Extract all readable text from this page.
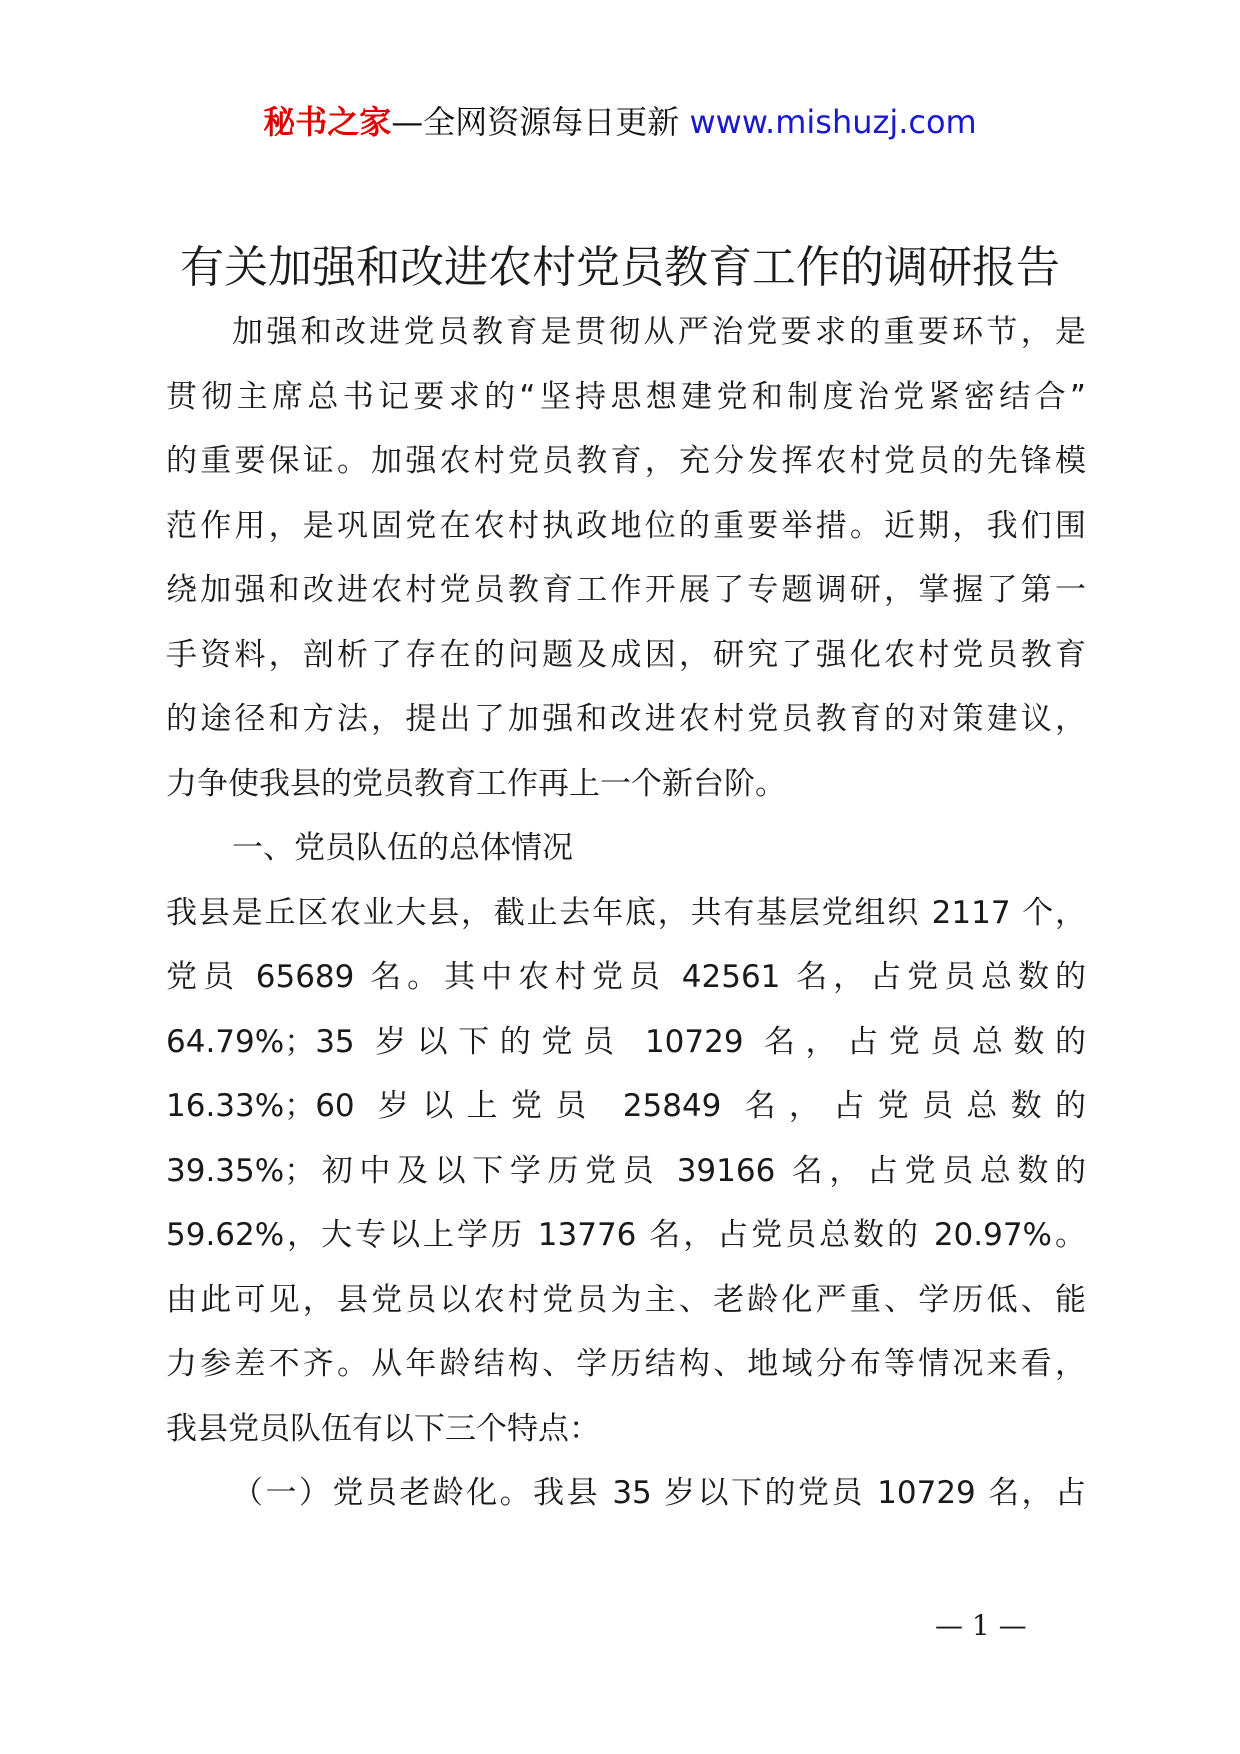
秘书之家—全网资源每日更新 www.mishuzj.com
有关加强和改进农村党员教育工作的调研报告
加强和改进党员教育是贯彻从严治党要求的重要环节，是
贯彻主席总书记要求的“坚持思想建党和制度治党紧密结合”
的重要保证。加强农村党员教育，充分发挥农村党员的先锋模
范作用，是巩固党在农村执政地位的重要举措。近期，我们围
绕加强和改进农村党员教育工作开展了专题调研，掌握了第一
手资料，剖析了存在的问题及成因，研究了强化农村党员教育
的途径和方法，提出了加强和改进农村党员教育的对策建议，
力争使我县的党员教育工作再上一个新台阶。
一、党员队伍的总体情况
我县是丘区农业大县，截止去年底，共有基层党组织 2117 个，
党员 65689 名。其中农村党员 42561 名，占党员总数的
64.79%；35 岁以下的党员 10729 名，占党员总数的
16.33%；60 岁以上党员 25849 名，占党员总数的
39.35%；初中及以下学历党员 39166 名，占党员总数的
59.62%，大专以上学历 13776 名，占党员总数的 20.97%。
由此可见，县党员以农村党员为主、老龄化严重、学历低、能
力参差不齐。从年龄结构、学历结构、地域分布等情况来看，
我县党员队伍有以下三个特点：
（一）党员老龄化。我县 35 岁以下的党员 10729 名，占
— 1 —
